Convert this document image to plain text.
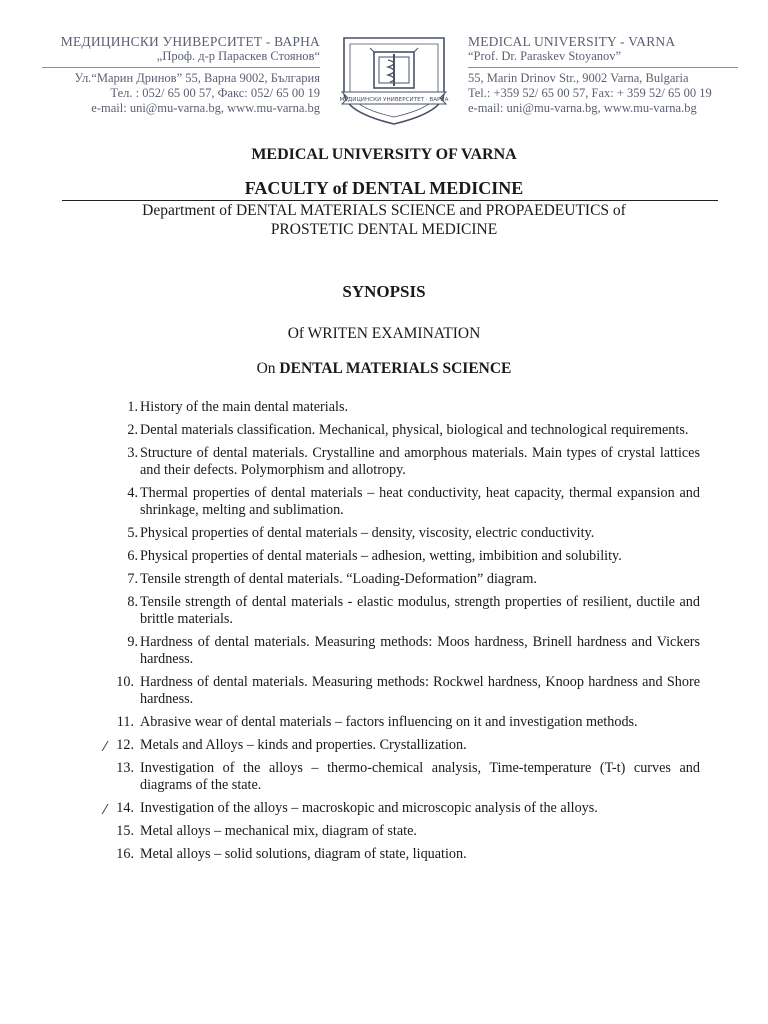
МЕДИЦИНСКИ УНИВЕРСИТЕТ - ВАРНА
„Проф. д-р Параскев Стоянов“
Ул.“Марин Дринов” 55, Варна 9002, България
Тел. : 052/ 65 00 57, Факс: 052/ 65 00 19
e-mail: uni@mu-varna.bg, www.mu-varna.bg
МЕДИЦИНСКИ УНИВЕРСИТЕТ · ВАРНА
MEDICAL UNIVERSITY - VARNA
“Prof. Dr. Paraskev Stoyanov”
55, Marin Drinov Str., 9002 Varna, Bulgaria
Tel.: +359 52/ 65 00 57, Fax: + 359 52/ 65 00 19
e-mail: uni@mu-varna.bg, www.mu-varna.bg
MEDICAL UNIVERSITY OF VARNA
FACULTY of DENTAL MEDICINE
Department of DENTAL MATERIALS SCIENCE and PROPAEDEUTICS of
PROSTETIC DENTAL MEDICINE
SYNOPSIS
Of WRITEN EXAMINATION
On DENTAL MATERIALS SCIENCE
1. History of the main dental materials.
2. Dental materials classification. Mechanical, physical, biological and technological requirements.
3. Structure of dental materials. Crystalline and amorphous materials. Main types of crystal lattices and their defects. Polymorphism and allotropy.
4. Thermal properties of dental materials – heat conductivity, heat capacity, thermal expansion and shrinkage, melting and sublimation.
5. Physical properties of dental materials – density, viscosity, electric conductivity.
6. Physical properties of dental materials – adhesion, wetting, imbibition and solubility.
7. Tensile strength of dental materials. “Loading-Deformation” diagram.
8. Tensile strength of dental materials - elastic modulus, strength properties of resilient, ductile and brittle materials.
9. Hardness of dental materials. Measuring methods: Moos hardness, Brinell hardness and Vickers hardness.
10. Hardness of dental materials. Measuring methods: Rockwel hardness, Knoop hardness and Shore hardness.
11. Abrasive wear of dental materials – factors influencing on it and investigation methods.
⁄ 12. Metals and Alloys – kinds and properties. Crystallization.
13. Investigation of the alloys – thermo-chemical analysis, Time-temperature (T-t) curves and diagrams of the state.
⁄ 14. Investigation of the alloys – macroskopic and microscopic analysis of the alloys.
15. Metal alloys – mechanical mix, diagram of state.
16. Metal alloys – solid solutions, diagram of state, liquation.
